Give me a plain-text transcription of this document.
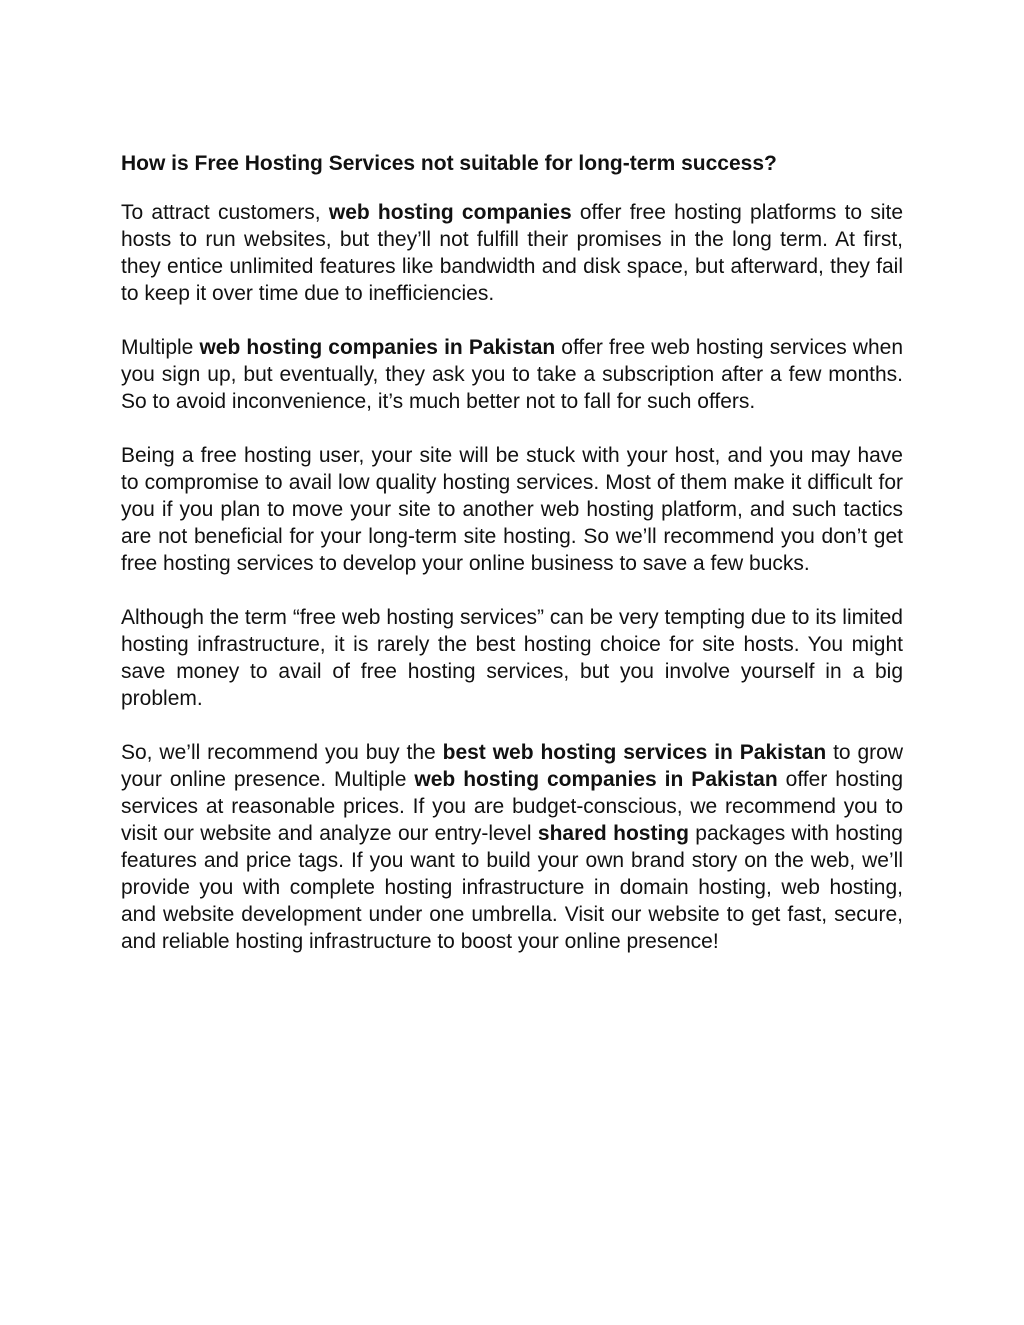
How is Free Hosting Services not suitable for long-term success?

To attract customers, web hosting companies offer free hosting platforms to site hosts to run websites, but they’ll not fulfill their promises in the long term. At first, they entice unlimited features like bandwidth and disk space, but afterward, they fail to keep it over time due to inefficiencies.

Multiple web hosting companies in Pakistan offer free web hosting services when you sign up, but eventually, they ask you to take a subscription after a few months. So to avoid inconvenience, it’s much better not to fall for such offers.

Being a free hosting user, your site will be stuck with your host, and you may have to compromise to avail low quality hosting services. Most of them make it difficult for you if you plan to move your site to another web hosting platform, and such tactics are not beneficial for your long-term site hosting. So we’ll recommend you don’t get free hosting services to develop your online business to save a few bucks.

Although the term “free web hosting services” can be very tempting due to its limited hosting infrastructure, it is rarely the best hosting choice for site hosts. You might save money to avail of free hosting services, but you involve yourself in a big problem.

So, we’ll recommend you buy the best web hosting services in Pakistan to grow your online presence. Multiple web hosting companies in Pakistan offer hosting services at reasonable prices. If you are budget-conscious, we recommend you to visit our website and analyze our entry-level shared hosting packages with hosting features and price tags. If you want to build your own brand story on the web, we’ll provide you with complete hosting infrastructure in domain hosting, web hosting, and website development under one umbrella. Visit our website to get fast, secure, and reliable hosting infrastructure to boost your online presence!
